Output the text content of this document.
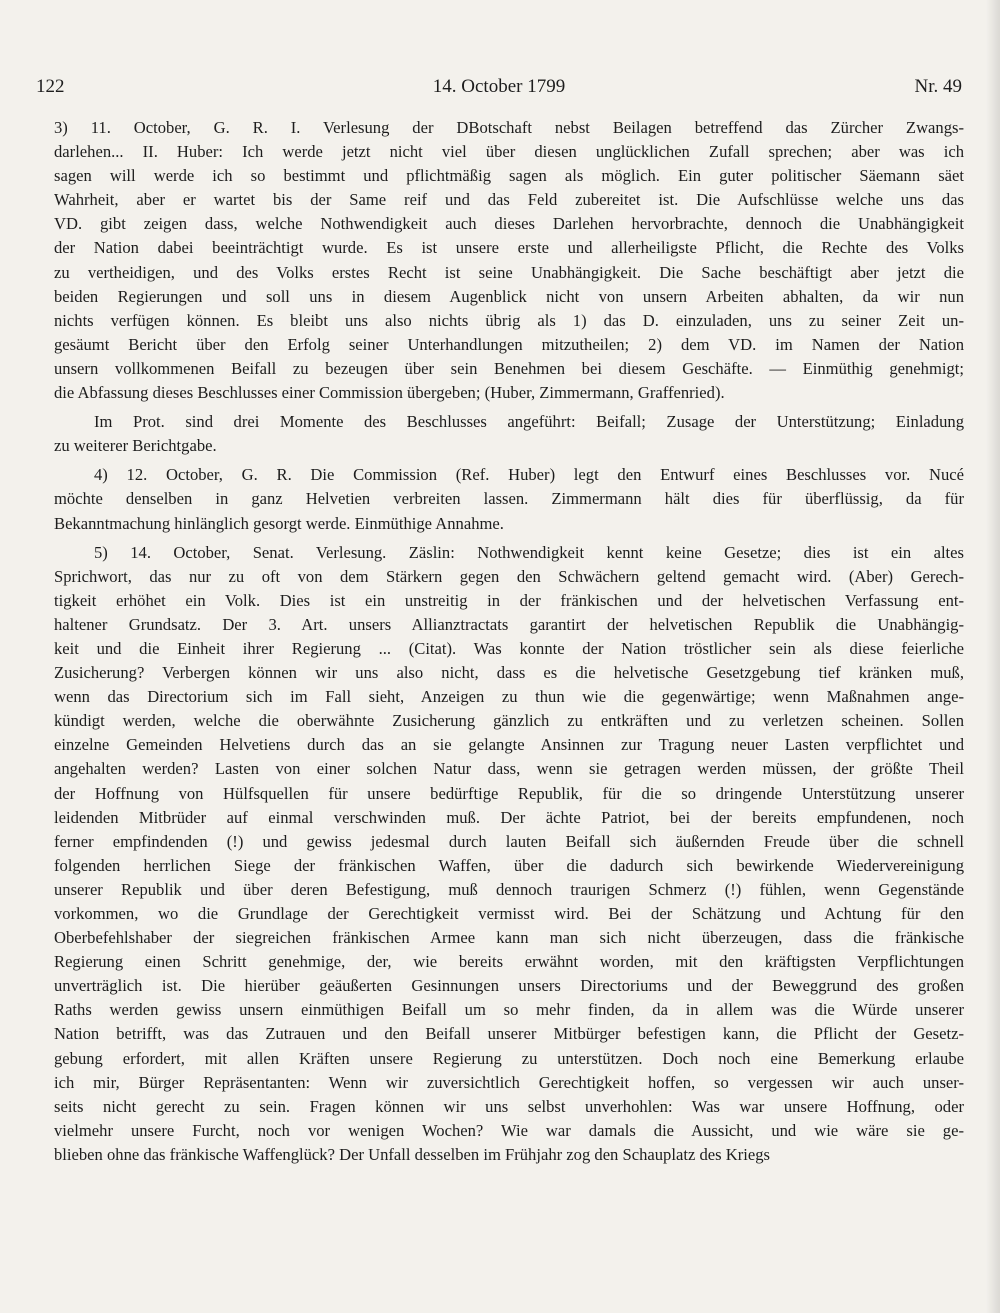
122	14. October 1799	Nr. 49
3) 11. October, G. R. I. Verlesung der DBotschaft nebst Beilagen betreffend das Zürcher Zwangs-
darlehen... II. Huber: Ich werde jetzt nicht viel über diesen unglücklichen Zufall sprechen; aber was ich
sagen will werde ich so bestimmt und pflichtmäßig sagen als möglich. Ein guter politischer Säemann säet
Wahrheit, aber er wartet bis der Same reif und das Feld zubereitet ist. Die Aufschlüsse welche uns das
VD. gibt zeigen dass, welche Nothwendigkeit auch dieses Darlehen hervorbrachte, dennoch die Unabhängigkeit
der Nation dabei beeinträchtigt wurde. Es ist unsere erste und allerheiligste Pflicht, die Rechte des Volks
zu vertheidigen, und des Volks erstes Recht ist seine Unabhängigkeit. Die Sache beschäftigt aber jetzt die
beiden Regierungen und soll uns in diesem Augenblick nicht von unsern Arbeiten abhalten, da wir nun
nichts verfügen können. Es bleibt uns also nichts übrig als 1) das D. einzuladen, uns zu seiner Zeit un-
gesäumt Bericht über den Erfolg seiner Unterhandlungen mitzutheilen; 2) dem VD. im Namen der Nation
unsern vollkommenen Beifall zu bezeugen über sein Benehmen bei diesem Geschäfte. — Einmüthig genehmigt;
die Abfassung dieses Beschlusses einer Commission übergeben; (Huber, Zimmermann, Graffenried).
Im Prot. sind drei Momente des Beschlusses angeführt: Beifall; Zusage der Unterstützung; Einladung
zu weiterer Berichtgabe.
4) 12. October, G. R. Die Commission (Ref. Huber) legt den Entwurf eines Beschlusses vor. Nucé
möchte denselben in ganz Helvetien verbreiten lassen. Zimmermann hält dies für überflüssig, da für
Bekanntmachung hinlänglich gesorgt werde. Einmüthige Annahme.
5) 14. October, Senat. Verlesung. Zäslin: Nothwendigkeit kennt keine Gesetze; dies ist ein altes
Sprichwort, das nur zu oft von dem Stärkern gegen den Schwächern geltend gemacht wird. (Aber) Gerech-
tigkeit erhöhet ein Volk. Dies ist ein unstreitig in der fränkischen und der helvetischen Verfassung ent-
haltener Grundsatz. Der 3. Art. unsers Allianztractats garantirt der helvetischen Republik die Unabhängig-
keit und die Einheit ihrer Regierung ... (Citat). Was konnte der Nation tröstlicher sein als diese feierliche
Zusicherung? Verbergen können wir uns also nicht, dass es die helvetische Gesetzgebung tief kränken muß,
wenn das Directorium sich im Fall sieht, Anzeigen zu thun wie die gegenwärtige; wenn Maßnahmen ange-
kündigt werden, welche die oberwähnte Zusicherung gänzlich zu entkräften und zu verletzen scheinen. Sollen
einzelne Gemeinden Helvetiens durch das an sie gelangte Ansinnen zur Tragung neuer Lasten verpflichtet und
angehalten werden? Lasten von einer solchen Natur dass, wenn sie getragen werden müssen, der größte Theil
der Hoffnung von Hülfsquellen für unsere bedürftige Republik, für die so dringende Unterstützung unserer
leidenden Mitbrüder auf einmal verschwinden muß. Der ächte Patriot, bei der bereits empfundenen, noch
ferner empfindenden (!) und gewiss jedesmal durch lauten Beifall sich äußernden Freude über die schnell
folgenden herrlichen Siege der fränkischen Waffen, über die dadurch sich bewirkende Wiedervereinigung
unserer Republik und über deren Befestigung, muß dennoch traurigen Schmerz (!) fühlen, wenn Gegenstände
vorkommen, wo die Grundlage der Gerechtigkeit vermisst wird. Bei der Schätzung und Achtung für den
Oberbefehlshaber der siegreichen fränkischen Armee kann man sich nicht überzeugen, dass die fränkische
Regierung einen Schritt genehmige, der, wie bereits erwähnt worden, mit den kräftigsten Verpflichtungen
unverträglich ist. Die hierüber geäußerten Gesinnungen unsers Directoriums und der Beweggrund des großen
Raths werden gewiss unsern einmüthigen Beifall um so mehr finden, da in allem was die Würde unserer
Nation betrifft, was das Zutrauen und den Beifall unserer Mitbürger befestigen kann, die Pflicht der Gesetz-
gebung erfordert, mit allen Kräften unsere Regierung zu unterstützen. Doch noch eine Bemerkung erlaube
ich mir, Bürger Repräsentanten: Wenn wir zuversichtlich Gerechtigkeit hoffen, so vergessen wir auch unser-
seits nicht gerecht zu sein. Fragen können wir uns selbst unverhohlen: Was war unsere Hoffnung, oder
vielmehr unsere Furcht, noch vor wenigen Wochen? Wie war damals die Aussicht, und wie wäre sie ge-
blieben ohne das fränkische Waffenglück? Der Unfall desselben im Frühjahr zog den Schauplatz des Kriegs
